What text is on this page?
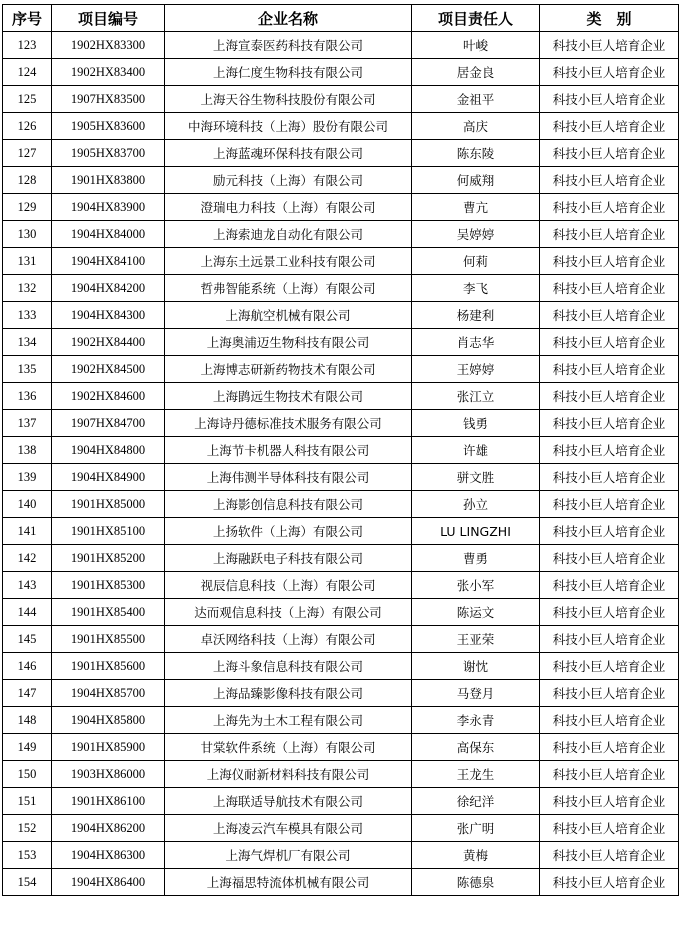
序号	项目编号	企业名称	项目责任人	类　别
123	1902HX83300	上海宣泰医药科技有限公司	叶峻	科技小巨人培育企业
124	1902HX83400	上海仁度生物科技有限公司	居金良	科技小巨人培育企业
125	1907HX83500	上海天谷生物科技股份有限公司	金祖平	科技小巨人培育企业
126	1905HX83600	中海环境科技（上海）股份有限公司	高庆	科技小巨人培育企业
127	1905HX83700	上海蓝魂环保科技有限公司	陈东陵	科技小巨人培育企业
128	1901HX83800	励元科技（上海）有限公司	何威翔	科技小巨人培育企业
129	1904HX83900	澄瑞电力科技（上海）有限公司	曹亢	科技小巨人培育企业
130	1904HX84000	上海索迪龙自动化有限公司	吴婷婷	科技小巨人培育企业
131	1904HX84100	上海东土远景工业科技有限公司	何莉	科技小巨人培育企业
132	1904HX84200	哲弗智能系统（上海）有限公司	李飞	科技小巨人培育企业
133	1904HX84300	上海航空机械有限公司	杨建利	科技小巨人培育企业
134	1902HX84400	上海奥浦迈生物科技有限公司	肖志华	科技小巨人培育企业
135	1902HX84500	上海博志研新药物技术有限公司	王婷婷	科技小巨人培育企业
136	1902HX84600	上海鹍远生物技术有限公司	张江立	科技小巨人培育企业
137	1907HX84700	上海诗丹德标准技术服务有限公司	钱勇	科技小巨人培育企业
138	1904HX84800	上海节卡机器人科技有限公司	许雄	科技小巨人培育企业
139	1904HX84900	上海伟测半导体科技有限公司	骈文胜	科技小巨人培育企业
140	1901HX85000	上海影创信息科技有限公司	孙立	科技小巨人培育企业
141	1901HX85100	上扬软件（上海）有限公司	LU LINGZHI	科技小巨人培育企业
142	1901HX85200	上海融跃电子科技有限公司	曹勇	科技小巨人培育企业
143	1901HX85300	视辰信息科技（上海）有限公司	张小军	科技小巨人培育企业
144	1901HX85400	达而观信息科技（上海）有限公司	陈运文	科技小巨人培育企业
145	1901HX85500	卓沃网络科技（上海）有限公司	王亚荣	科技小巨人培育企业
146	1901HX85600	上海斗象信息科技有限公司	谢忱	科技小巨人培育企业
147	1904HX85700	上海品臻影像科技有限公司	马登月	科技小巨人培育企业
148	1904HX85800	上海先为土木工程有限公司	李永青	科技小巨人培育企业
149	1901HX85900	甘棠软件系统（上海）有限公司	高保东	科技小巨人培育企业
150	1903HX86000	上海仪耐新材料科技有限公司	王龙生	科技小巨人培育企业
151	1901HX86100	上海联适导航技术有限公司	徐纪洋	科技小巨人培育企业
152	1904HX86200	上海凌云汽车模具有限公司	张广明	科技小巨人培育企业
153	1904HX86300	上海气焊机厂有限公司	黄梅	科技小巨人培育企业
154	1904HX86400	上海福思特流体机械有限公司	陈德泉	科技小巨人培育企业
